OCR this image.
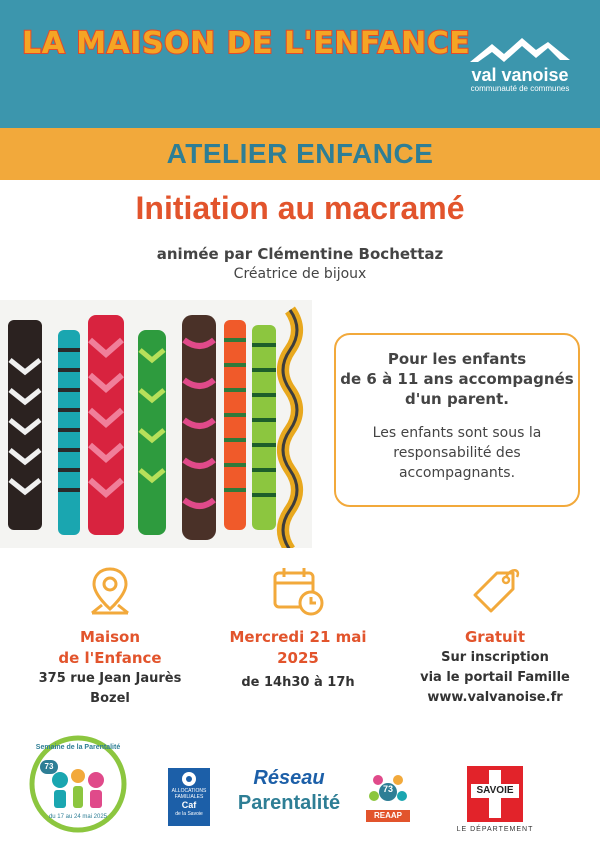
LA MAISON DE L'ENFANCE
val vanoise
communauté de communes
ATELIER ENFANCE
Initiation au macramé
animée par Clémentine Bochettaz
Créatrice de bijoux
Pour les enfants
de 6 à 11 ans accompagnés
d'un parent.
Les enfants sont sous la
responsabilité des
accompagnants.
Maison
de l'Enfance
375 rue Jean Jaurès
Bozel
Mercredi 21 mai
2025
de 14h30 à 17h
Gratuit
Sur inscription
via le portail Famille
www.valvanoise.fr
Semaine de la Parentalité
73
du 17 au 24 mai 2025
ALLOCATIONS
FAMILIALES
Caf
de la Savoie
Réseau
Parentalité
73
REAAP
SAVOIE
LE DÉPARTEMENT
